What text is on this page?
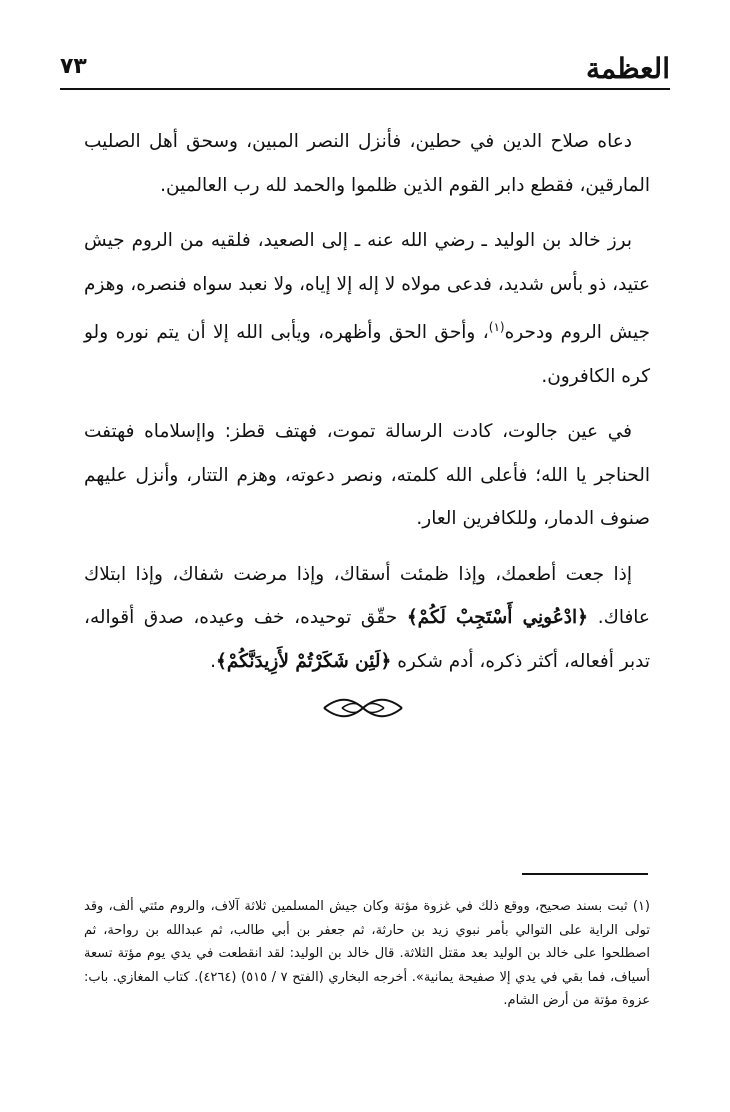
العظمة
٧٣

دعاه صلاح الدين في حطين، فأنزل النصر المبين، وسحق أهل الصليب المارقين، فقطع دابر القوم الذين ظلموا والحمد لله رب العالمين.

برز خالد بن الوليد ـ رضي الله عنه ـ إلى الصعيد، فلقيه من الروم جيش عتيد، ذو بأس شديد، فدعى مولاه لا إله إلا إياه، ولا نعبد سواه فنصره، وهزم جيش الروم ودحره$^{(١)}$، وأحق الحق وأظهره، ويأبى الله إلا أن يتم نوره ولو كره الكافرون.

في عين جالوت، كادت الرسالة تموت، فهتف قطز: واإسلاماه فهتفت الحناجر يا الله؛ فأعلى الله كلمته، ونصر دعوته، وهزم التتار، وأنزل عليهم صنوف الدمار، وللكافرين العار.

إذا جعت أطعمك، وإذا ظمئت أسقاك، وإذا مرضت شفاك، وإذا ابتلاك عافاك. ﴿ادْعُونِي أَسْتَجِبْ لَكُمْ﴾ حقّق توحيده، خف وعيده، صدق أقواله، تدبر أفعاله، أكثر ذكره، أدم شكره ﴿لَئِن شَكَرْتُمْ لأَزِيدَنَّكُمْ﴾.

(١) ثبت بسند صحيح، ووقع ذلك في غزوة مؤتة وكان جيش المسلمين ثلاثة آلاف، والروم مئتي ألف، وقد تولى الراية على التوالي بأمر نبوي زيد بن حارثة، ثم جعفر بن أبي طالب، ثم عبدالله بن رواحة، ثم اصطلحوا على خالد بن الوليد بعد مقتل الثلاثة. قال خالد بن الوليد: لقد انقطعت في يدي يوم مؤتة تسعة أسياف، فما بقي في يدي إلا صفيحة يمانية». أخرجه البخاري (الفتح ٧ / ٥١٥) (٤٢٦٤). كتاب المغازي. باب: عزوة مؤتة من أرض الشام.
